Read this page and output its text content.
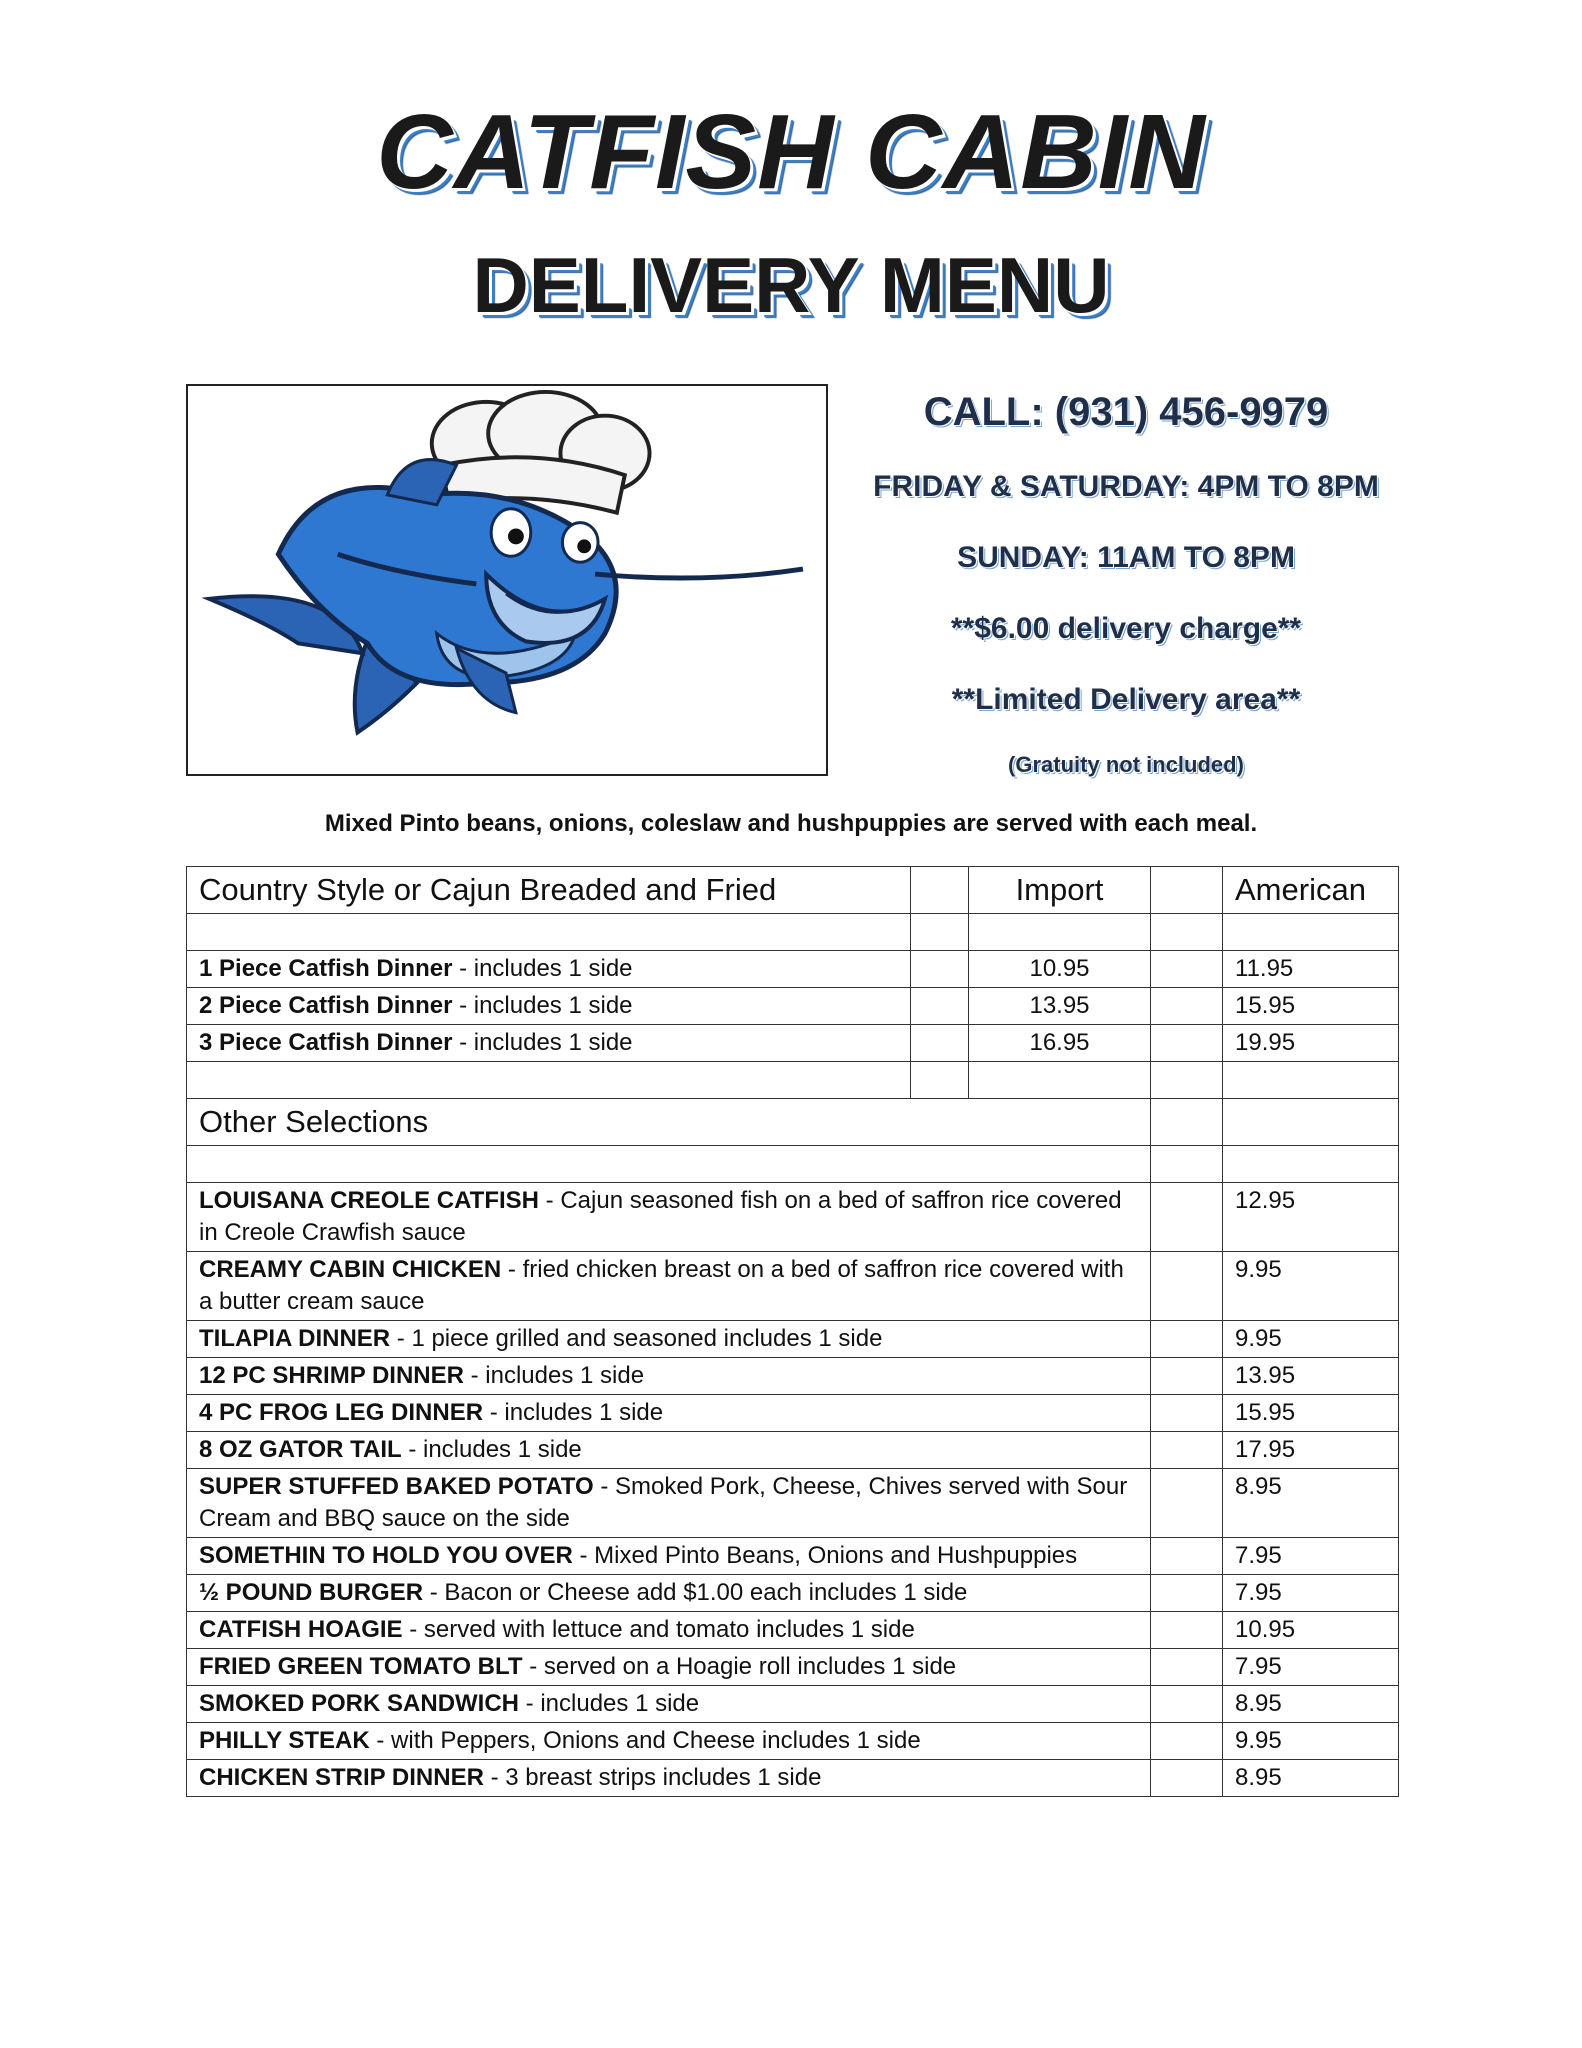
CATFISH CABIN
DELIVERY MENU
CALL: (931) 456-9979
FRIDAY & SATURDAY: 4PM TO 8PM
SUNDAY: 11AM TO 8PM
**$6.00 delivery charge**
**Limited Delivery area**
(Gratuity not included)
Mixed Pinto beans, onions, coleslaw and hushpuppies are served with each meal.
Country Style or Cajun Breaded and Fried		Import		American

1 Piece Catfish Dinner - includes 1 side		10.95		11.95
2 Piece Catfish Dinner - includes 1 side		13.95		15.95
3 Piece Catfish Dinner - includes 1 side		16.95		19.95

Other Selections				

LOUISANA CREOLE CATFISH - Cajun seasoned fish on a bed of saffron rice covered in Creole Crawfish sauce				12.95
CREAMY CABIN CHICKEN - fried chicken breast on a bed of saffron rice covered with a butter cream sauce				9.95
TILAPIA DINNER - 1 piece grilled and seasoned includes 1 side				9.95
12 PC SHRIMP DINNER - includes 1 side				13.95
4 PC FROG LEG DINNER - includes 1 side				15.95
8 OZ GATOR TAIL - includes 1 side				17.95
SUPER STUFFED BAKED POTATO - Smoked Pork, Cheese, Chives served with Sour Cream and BBQ sauce on the side				8.95
SOMETHIN TO HOLD YOU OVER - Mixed Pinto Beans, Onions and Hushpuppies				7.95
½ POUND BURGER - Bacon or Cheese add $1.00 each includes 1 side				7.95
CATFISH HOAGIE - served with lettuce and tomato includes 1 side				10.95
FRIED GREEN TOMATO BLT - served on a Hoagie roll includes 1 side				7.95
SMOKED PORK SANDWICH - includes 1 side				8.95
PHILLY STEAK - with Peppers, Onions and Cheese includes 1 side				9.95
CHICKEN STRIP DINNER - 3 breast strips includes 1 side				8.95
